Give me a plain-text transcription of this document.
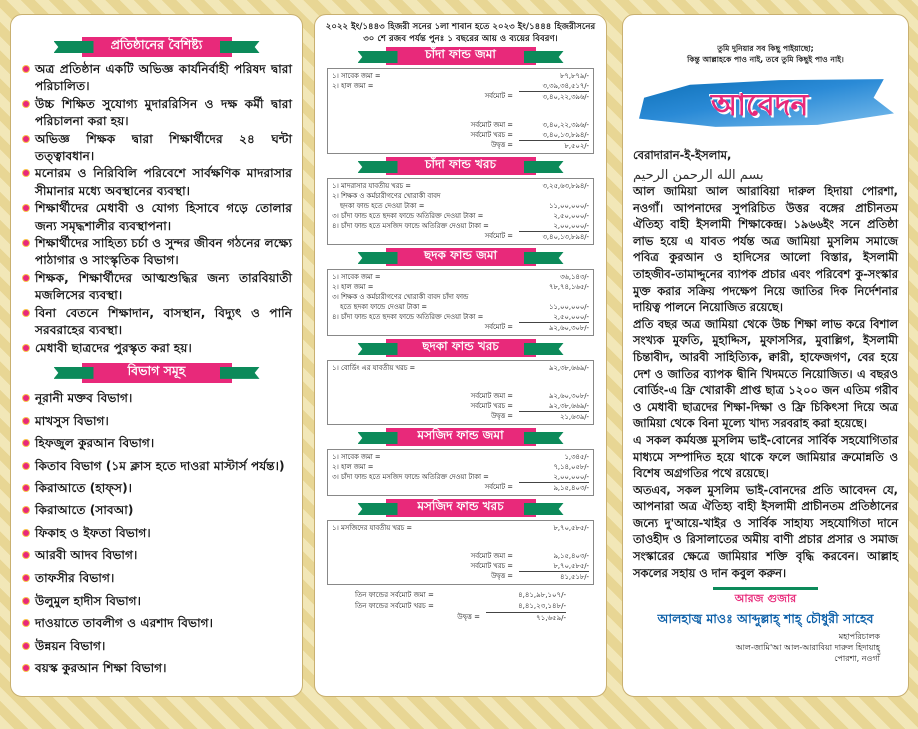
প্রতিষ্ঠানের বৈশিষ্ট্য
অত্র প্রতিষ্ঠান একটি অভিজ্ঞ কার্যনির্বাহী পরিষদ দ্বারা পরিচালিত।
উচ্চ শিক্ষিত সুযোগ্য মুদাররিসিন ও দক্ষ কর্মী দ্বারা পরিচালনা করা হয়।
অভিজ্ঞ শিক্ষক দ্বারা শিক্ষার্থীদের ২৪ ঘন্টা তত্ত্বাবধান।
মনোরম ও নিরিবিলি পরিবেশে সার্বক্ষণিক মাদরাসার সীমানার মধ্যে অবস্থানের ব্যবস্থা।
শিক্ষার্থীদের মেধাবী ও যোগ্য হিসাবে গড়ে তোলার জন্য সমৃদ্ধশালীর ব্যবস্থাপনা।
শিক্ষার্থীদের সাহিত্য চর্চা ও সুন্দর জীবন গঠনের লক্ষ্যে পাঠাগার ও সাংস্কৃতিক বিভাগ।
শিক্ষক, শিক্ষার্থীদের আত্মশুদ্ধির জন্য তারবিয়াতী মজলিসের ব্যবস্থা।
বিনা বেতনে শিক্ষাদান, বাসস্থান, বিদ্যুৎ ও পানি সরবরাহের ব্যবস্থা।
মেধাবী ছাত্রদের পুরস্কৃত করা হয়।
বিভাগ সমূহ
নূরানী মক্তব বিভাগ।
মাখসুস বিভাগ।
হিফজুল কুরআন বিভাগ।
কিতাব বিভাগ (১ম ক্লাস হতে দাওরা মাস্টার্স পর্যন্ত।)
কিরাআতে (হাফ্‌স)।
কিরাআতে (সাবআ)
ফিকাহ ও ইফতা বিভাগ।
আরবী আদব বিভাগ।
তাফসীর বিভাগ।
উলুমুল হাদীস বিভাগ।
দাওয়াতে তাবলীগ ও এরশাদ বিভাগ।
উন্নয়ন বিভাগ।
বয়স্ক কুরআন শিক্ষা বিভাগ।
২০২২ ইং/১৪৪৩ হিজরী সনের ১লা শাবান হতে ২০২৩ ইং/১৪৪৪ হিজরীসনের ৩০ শে রজব পর্যন্ত পুনঃ ১ বছরের আয় ও ব্যয়ের বিবরণ।
চাঁদা ফান্ড জমা
১। সাবেক জমা =	৮৭,৮৭৯/-
২। হাল জমা =	৩,৩৯,৩৪,৫১৭/-
সর্বমোট =	৩,৪০,২২,৩৯৬/-
সর্বমোট জমা =	৩,৪০,২২,৩৯৬/-
সর্বমোট খরচ =	৩,৪০,১৩,৮৯৪/-
উদ্বৃত্ত =	৮,৫০২/-
চাঁদা ফান্ড খরচ
১। মাদরাসার যাবতীয় খরচ =	৩,২৫,৬৩,৮৯৪/-
২। শিক্ষক ও কর্মচারীগণের খোরাকী বাবদ
ছদকা ফান্ড হতে দেওয়া টাকা =	১১,০০,০০০/-
৩। চাঁদা ফান্ড হতে ছদকা ফান্ডে অতিরিক্ত দেওয়া টাকা =	২,৫০,০০০/-
৪। চাঁদা ফান্ড হতে মসজিদ ফান্ডে অতিরিক্ত দেওয়া টাকা =	২,০০,০০০/-
সর্বমোট =	৩,৪০,১৩,৮৯৪/-
ছদক ফান্ড জমা
১। সাবেক জমা =	৩৬,১৪৩/-
২। হাল জমা =	৭৮,৭৪,১৬৫/-
৩। শিক্ষক ও কর্মচারীগণের খোরাকী বাবদ চাঁদা ফান্ড
হতে ছদকা ফান্ডে দেওয়া টাকা =	১১,০০,০০০/-
৪। চাঁদা ফান্ড হতে ছদকা ফান্ডে অতিরিক্ত দেওয়া টাকা =	২,৫০,০০০/-
সর্বমোট =	৯২,৬০,৩০৮/-
ছদকা ফান্ড খরচ
১। বোর্ডিং এর যাবতীয় খরচ =	৯২,৩৮,৬৬৯/-
সর্বমোট জমা =	৯২,৬০,৩০৮/-
সর্বমোট খরচ =	৯২,৩৮,৬৬৯/-
উদ্বৃত্ত =	২১,৬৩৯/-
মসজিদ ফান্ড জমা
১। সাবেক জমা =	১,৩৪৫/-
২। হাল জমা =	৭,১৪,০৫৮/-
৩। চাঁদা ফান্ড হতে মসজিদ ফান্ডে অতিরিক্ত দেওয়া টাকা =	২,০০,০০০/-
সর্বমোট =	৯,১৫,৪০৩/-
মসজিদ ফান্ড খরচ
১। মসজিদের যাবতীয় খরচ =	৮,৭০,৫৮৫/-
সর্বমোট জমা =	৯,১৫,৪০৩/-
সর্বমোট খরচ =	৮,৭০,৫৮৫/-
উদ্বৃত্ত =	৪১,৫১৮/-
তিন ফান্ডের সর্বমোট জমা =	৪,৪১,৯৮,১০৭/-
তিন ফান্ডের সর্বমোট খরচ =	৪,৪১,২৩,১৪৮/-
উদ্বৃত্ত =	৭১,৬৫৯/-
তুমি দুনিয়ার সব কিছু পাইয়াছো;
কিন্তু আল্লাহকে পাও নাই, তবে তুমি কিছুই পাও নাই।
আবেদন
বেরাদারান-ই-ইসলাম,
بسم الله الرحمن الرحيم

আল জামিয়া আল আরাবিয়া দারুল হিদায়া পোরশা, নওগাঁ। আপনাদের সুপরিচিত উত্তর বঙ্গের প্রাচীনতম ঐতিহ্য বাহী ইসলামী শিক্ষাকেন্দ্র। ১৯৬৬ইং সনে প্রতিষ্ঠা লাভ হয়ে এ যাবত পর্যন্ত অত্র জামিয়া মুসলিম সমাজে পবিত্র কুরআন ও হাদিসের আলো বিস্তার, ইসলামী তাহজীব-তামাদ্দুনের ব্যাপক প্রচার এবং পরিবেশ কু-সংস্কার মুক্ত করার সক্রিয় পদক্ষেপ নিয়ে জাতির দিক নির্দেশনার দায়িত্ব পালনে নিয়োজিত রয়েছে।

প্রতি বছর অত্র জামিয়া থেকে উচ্চ শিক্ষা লাভ করে বিশাল সংখ্যক মুফতি, মুহাদ্দিস, মুফাসসির, মুবাল্লিগ, ইসলামী চিন্তাবীদ, আরবী সাহিত্যিক, ক্বারী, হাফেজগণ, বের হয়ে দেশ ও জাতির ব্যাপক দ্বীনি খিদমতে নিয়োজিত। এ বছরও বোর্ডিং-এ ফ্রি খোরাকী প্রাপ্ত ছাত্র ১২০০ জন এতিম গরীব ও মেধাবী ছাত্রদের শিক্ষা-দিক্ষা ও ফ্রি চিকিৎসা দিয়ে অত্র জামিয়া থেকে বিনা মূল্যে খাদ্য সরবরাহ করা হয়েছে।

এ সকল কর্মযজ্ঞ মুসলিম ভাই-বোনের সার্বিক সহযোগিতার মাধ্যমে সম্পাদিত হয়ে থাকে ফলে জামিয়ার ক্রমোন্নতি ও বিশেষ অগ্রগতির পথে রয়েছে।

অতএব, সকল মুসলিম ভাই-বোনদের প্রতি আবেদন যে, আপনারা অত্র ঐতিহ্য বাহী ইসলামী প্রাচীনতম প্রতিষ্ঠানের জন্যে দু'আয়ে-খাইর ও সার্বিক সাহায্য সহযোগিতা দানে তাওহীদ ও রিসালাতের অমীয় বাণী প্রচার প্রসার ও সমাজ সংস্কারের ক্ষেত্রে জামিয়ার শক্তি বৃদ্ধি করবেন। আল্লাহ সকলের সহায় ও দান কবুল করুন।

আরজ গুজার
আলহাজ্ব মাওঃ আব্দুল্লাহ্ শাহ্ চৌধুরী সাহেব
মহাপরিচালক
আল-জামি'আ আল-আরাবিয়া দারুল হিদায়াহ্
পোরশা, নওগাঁ
